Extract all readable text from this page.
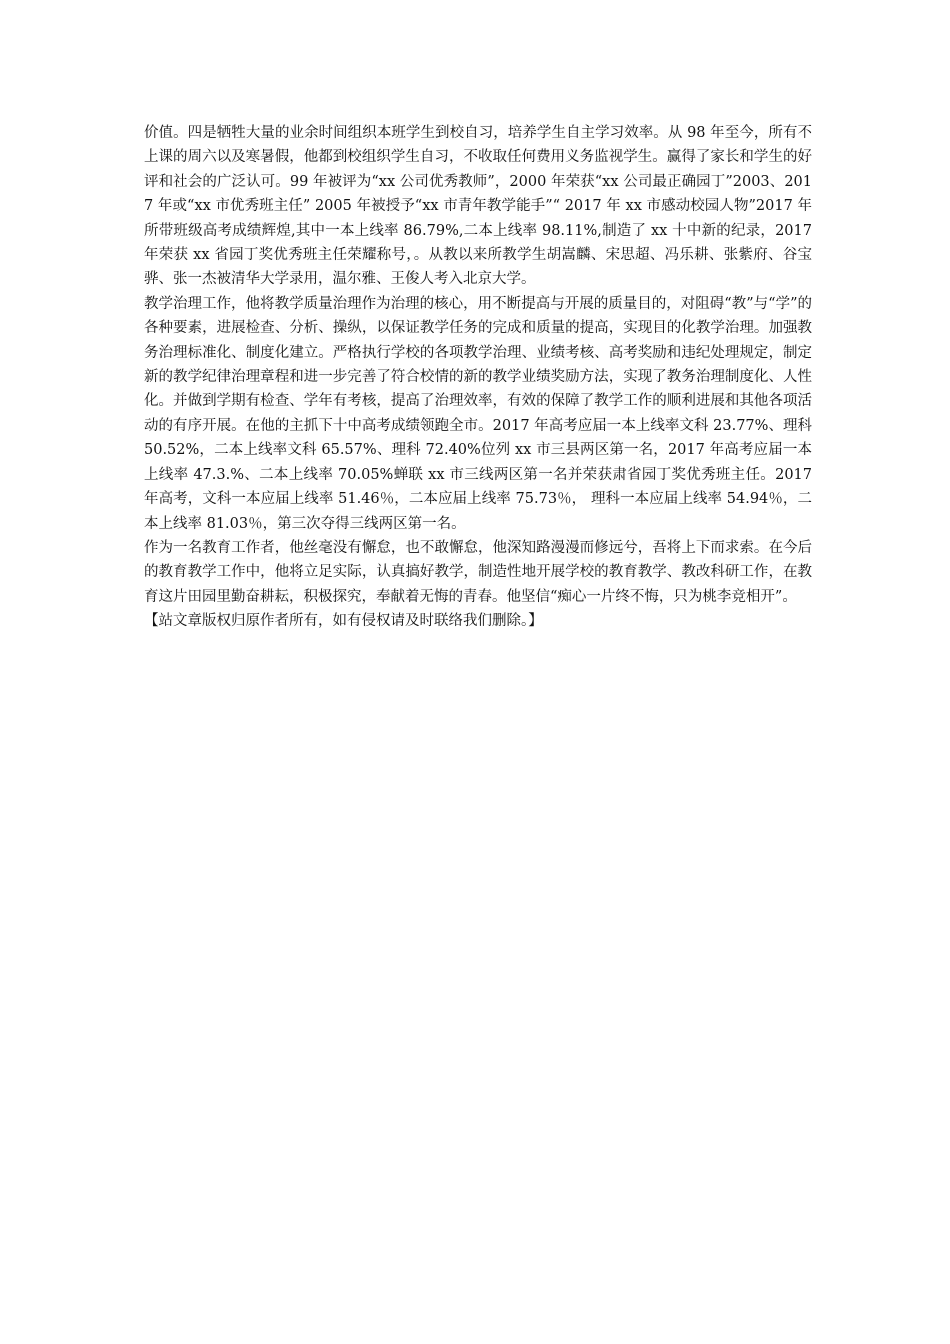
价值。四是牺牲大量的业余时间组织本班学生到校自习，培养学生自主学习效率。从 98 年至今，所有不上课的周六以及寒暑假，他都到校组织学生自习，不收取任何费用义务监视学生。赢得了家长和学生的好评和社会的广泛认可。99 年被评为“xx 公司优秀教师”，2000 年荣获“xx 公司最正确园丁”2003、2017 年或“xx 市优秀班主任” 2005 年被授予“xx 市青年教学能手”“ 2017 年 xx 市感动校园人物”2017 年所带班级高考成绩辉煌,其中一本上线率 86.79%,二本上线率 98.11%,制造了 xx 十中新的纪录，2017 年荣获 xx 省园丁奖优秀班主任荣耀称号，。从教以来所教学生胡嵩麟、宋思超、冯乐耕、张紫府、谷宝骅、张一杰被清华大学录用，温尔雅、王俊人考入北京大学。

教学治理工作，他将教学质量治理作为治理的核心，用不断提高与开展的质量目的，对阻碍“教”与“学”的各种要素，进展检查、分析、操纵，以保证教学任务的完成和质量的提高，实现目的化教学治理。加强教务治理标准化、制度化建立。严格执行学校的各项教学治理、业绩考核、高考奖励和违纪处理规定，制定新的教学纪律治理章程和进一步完善了符合校情的新的教学业绩奖励方法，实现了教务治理制度化、人性化。并做到学期有检查、学年有考核，提高了治理效率，有效的保障了教学工作的顺利进展和其他各项活动的有序开展。在他的主抓下十中高考成绩领跑全市。2017 年高考应届一本上线率文科 23.77%、理科 50.52%，二本上线率文科 65.57%、理科 72.40%位列 xx 市三县两区第一名，2017 年高考应届一本上线率 47.3.%、二本上线率 70.05%蝉联 xx 市三线两区第一名并荣获肃省园丁奖优秀班主任。2017 年高考，文科一本应届上线率 51.46％，二本应届上线率 75.73％， 理科一本应届上线率 54.94％，二本上线率 81.03％，第三次夺得三线两区第一名。

作为一名教育工作者，他丝毫没有懈怠，也不敢懈怠，他深知路漫漫而修远兮，吾将上下而求索。在今后的教育教学工作中，他将立足实际，认真搞好教学，制造性地开展学校的教育教学、教改科研工作，在教育这片田园里勤奋耕耘，积极探究，奉献着无悔的青春。他坚信“痴心一片终不悔，只为桃李竞相开”。

【站文章版权归原作者所有，如有侵权请及时联络我们删除。】
